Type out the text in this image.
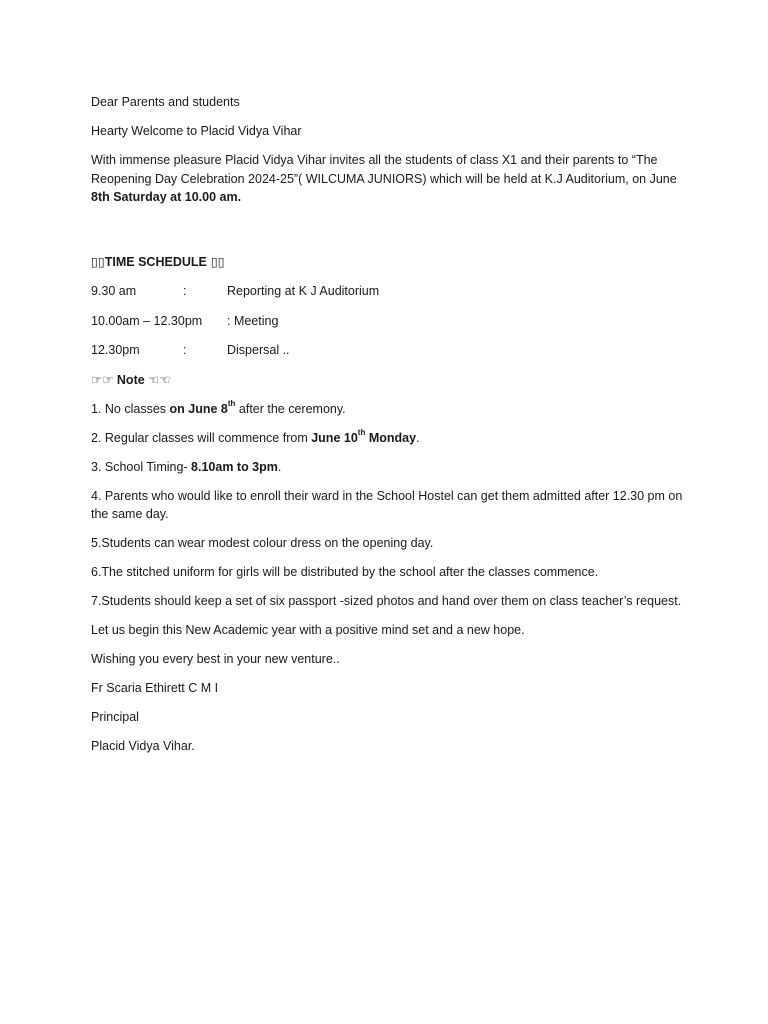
Dear Parents and students

Hearty Welcome to Placid Vidya Vihar

With immense pleasure Placid Vidya Vihar invites all the students of class X1 and their parents to “The Reopening Day Celebration 2024-25”( WILCUMA JUNIORS) which will be held at K.J Auditorium, on June 8th Saturday at 10.00 am.

▯▯TIME SCHEDULE ▯▯

9.30 am	:	Reporting at K J Auditorium
10.00am – 12.30pm	: Meeting
12.30pm	:	Dispersal ..

☞☞ Note ☜☜

1. No classes on June 8th after the ceremony.

2. Regular classes will commence from June 10th Monday.

3. School Timing- 8.10am to 3pm.

4. Parents who would like to enroll their ward in the School Hostel can get them admitted after 12.30 pm on the same day.

5.Students can wear modest colour dress on the opening day.

6.The stitched uniform for girls will be distributed by the school after the classes commence.

7.Students should keep a set of six passport -sized photos and hand over them on class teacher’s request.

Let us begin this New Academic year with a positive mind set and a new hope.

Wishing you every best in your new venture..

Fr Scaria Ethirett C M I

Principal

Placid Vidya Vihar.
